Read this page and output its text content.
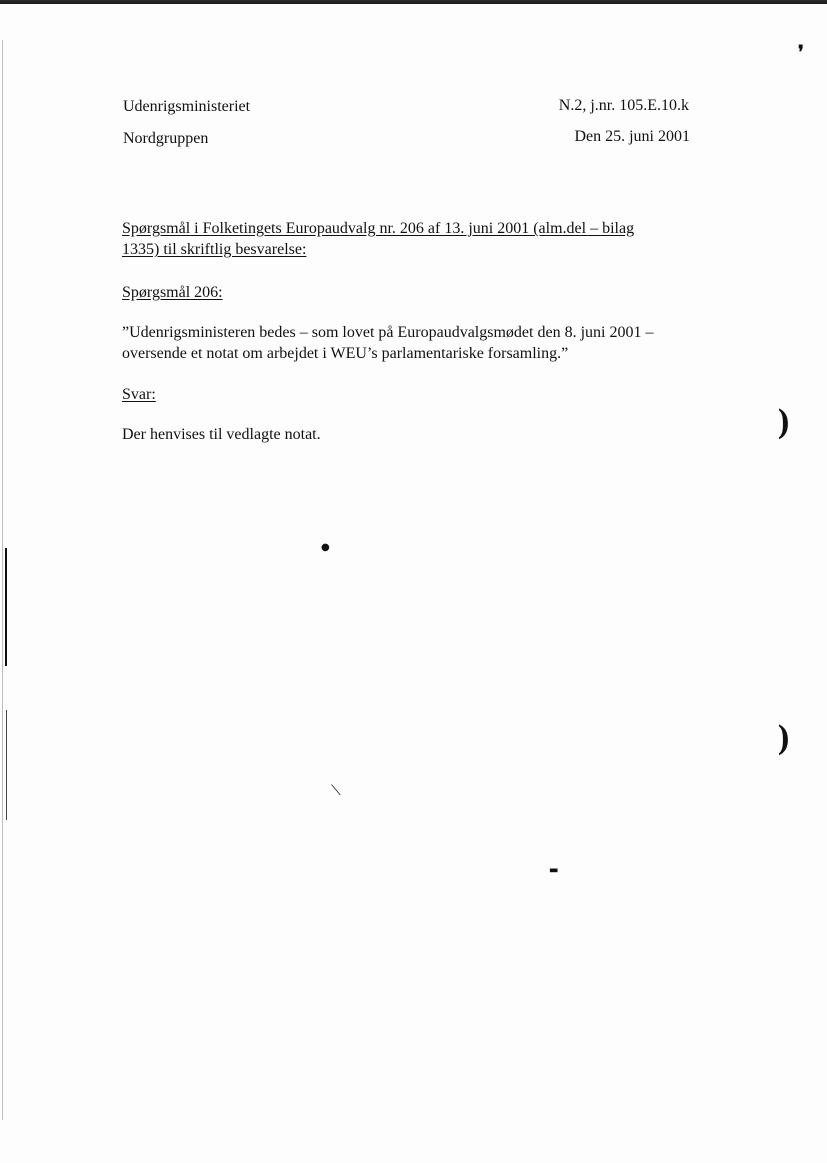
❜
)
)
●
⟍
▬
Udenrigsministeriet
Nordgruppen
N.2, j.nr. 105.E.10.k
Den 25. juni 2001
Spørgsmål i Folketingets Europaudvalg nr. 206 af 13. juni 2001 (alm.del – bilag
1335) til skriftlig besvarelse:
Spørgsmål 206:
”Udenrigsministeren bedes – som lovet på Europaudvalgsmødet den 8. juni 2001 –
oversende et notat om arbejdet i WEU’s parlamentariske forsamling.”
Svar:
Der henvises til vedlagte notat.
